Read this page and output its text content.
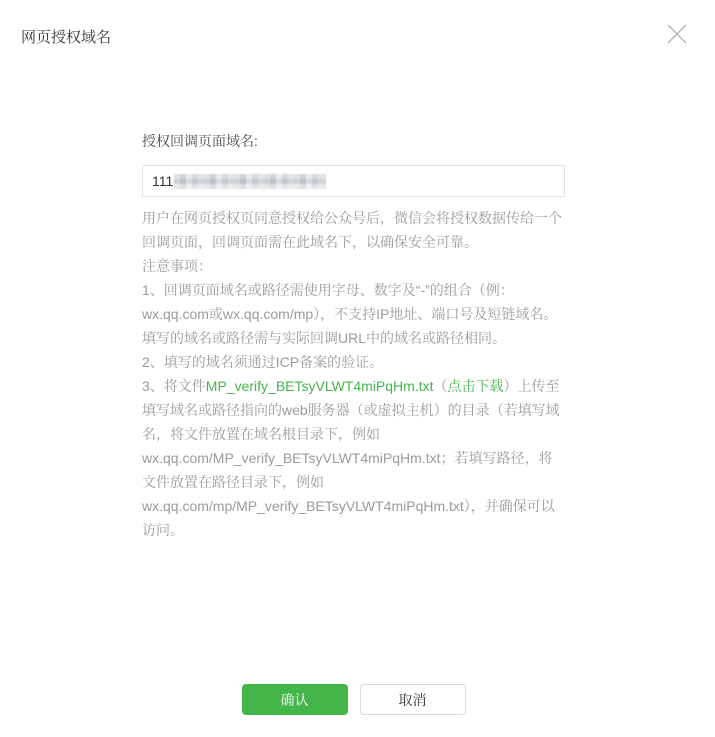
网页授权域名
授权回调页面域名:
111

用户在网页授权页同意授权给公众号后，微信会将授权数据传给一个回调页面，回调页面需在此域名下，以确保安全可靠。

注意事项：

1、回调页面域名或路径需使用字母、数字及“-”的组合（例：wx.qq.com或wx.qq.com/mp），不支持IP地址、端口号及短链域名。填写的域名或路径需与实际回调URL中的域名或路径相同。

2、填写的域名须通过ICP备案的验证。

3、将文件MP_verify_BETsyVLWT4miPqHm.txt（点击下载）上传至填写域名或路径指向的web服务器（或虚拟主机）的目录（若填写域名，将文件放置在域名根目录下，例如wx.qq.com/MP_verify_BETsyVLWT4miPqHm.txt；若填写路径，将文件放置在路径目录下，例如wx.qq.com/mp/MP_verify_BETsyVLWT4miPqHm.txt），并确保可以访问。

确认	取消
